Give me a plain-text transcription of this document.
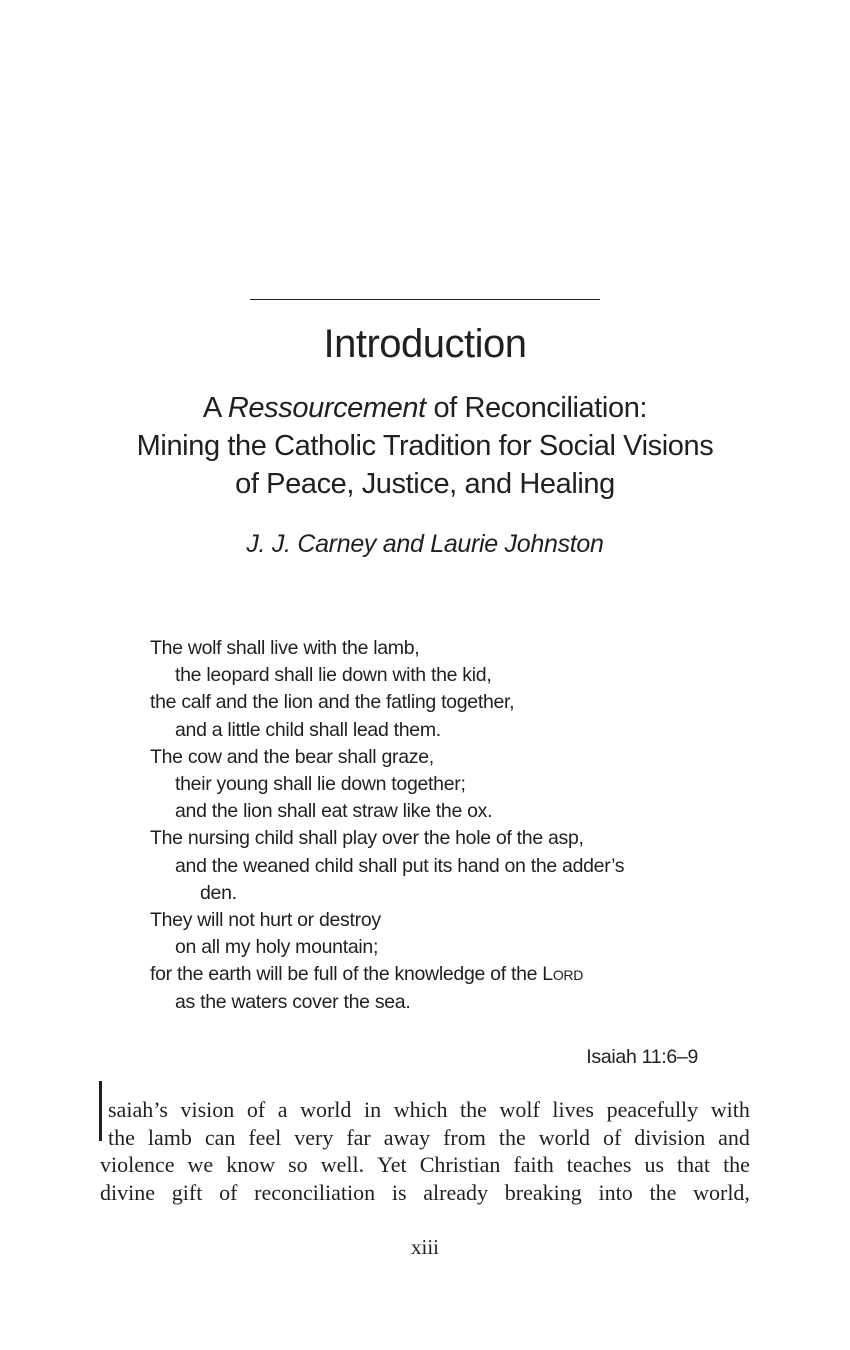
Introduction
A Ressourcement of Reconciliation:
Mining the Catholic Tradition for Social Visions
of Peace, Justice, and Healing

J. J. Carney and Laurie Johnston

The wolf shall live with the lamb,
the leopard shall lie down with the kid,
the calf and the lion and the fatling together,
and a little child shall lead them.
The cow and the bear shall graze,
their young shall lie down together;
and the lion shall eat straw like the ox.
The nursing child shall play over the hole of the asp,
and the weaned child shall put its hand on the adder’s
den.
They will not hurt or destroy
on all my holy mountain;
for the earth will be full of the knowledge of the Lord
as the waters cover the sea.
Isaiah 11:6–9
saiah’s vision of a world in which the wolf lives peacefully with
the lamb can feel very far away from the world of division and
violence we know so well. Yet Christian faith teaches us that the
divine gift of reconciliation is already breaking into the world,
xiii
